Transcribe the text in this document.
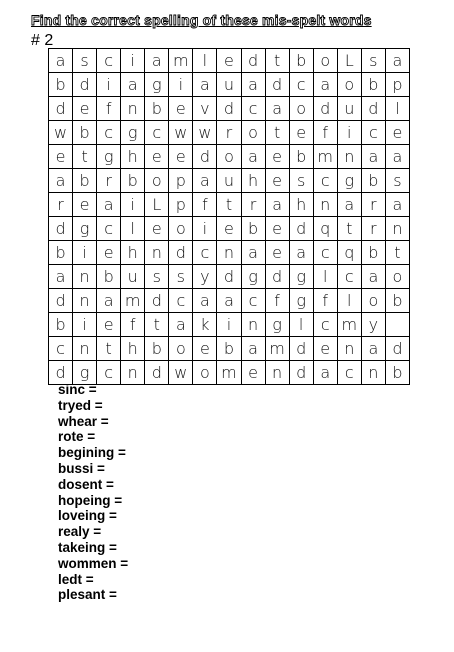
Find the correct spelling of these mis-spelt words
# 2
a	s	c	i	a	m	l	e	d	t	b	o	L	s	a
b	d	i	a	g	i	a	u	a	d	c	a	o	b	p
d	e	f	n	b	e	v	d	c	a	o	d	u	d	l
w	b	c	g	c	w	w	r	o	t	e	f	i	c	e
e	t	g	h	e	e	d	o	a	e	b	m	n	a	a
a	b	r	b	o	p	a	u	h	e	s	c	g	b	s
r	e	a	i	L	p	f	t	r	a	h	n	a	r	a
d	g	c	l	e	o	i	e	b	e	d	q	t	r	n
b	i	e	h	n	d	c	n	a	e	a	c	q	b	t
a	n	b	u	s	s	y	d	g	d	g	l	c	a	o
d	n	a	m	d	c	a	a	c	f	g	f	l	o	b
b	i	e	f	t	a	k	i	n	g	l	c	m	y	
c	n	t	h	b	o	e	b	a	m	d	e	n	a	d
d	g	c	n	d	w	o	m	e	n	d	a	c	n	b
sinc =
tryed =
whear =
rote =
begining =
bussi =
dosent =
hopeing =
loveing =
realy =
takeing =
wommen =
ledt =
plesant =
